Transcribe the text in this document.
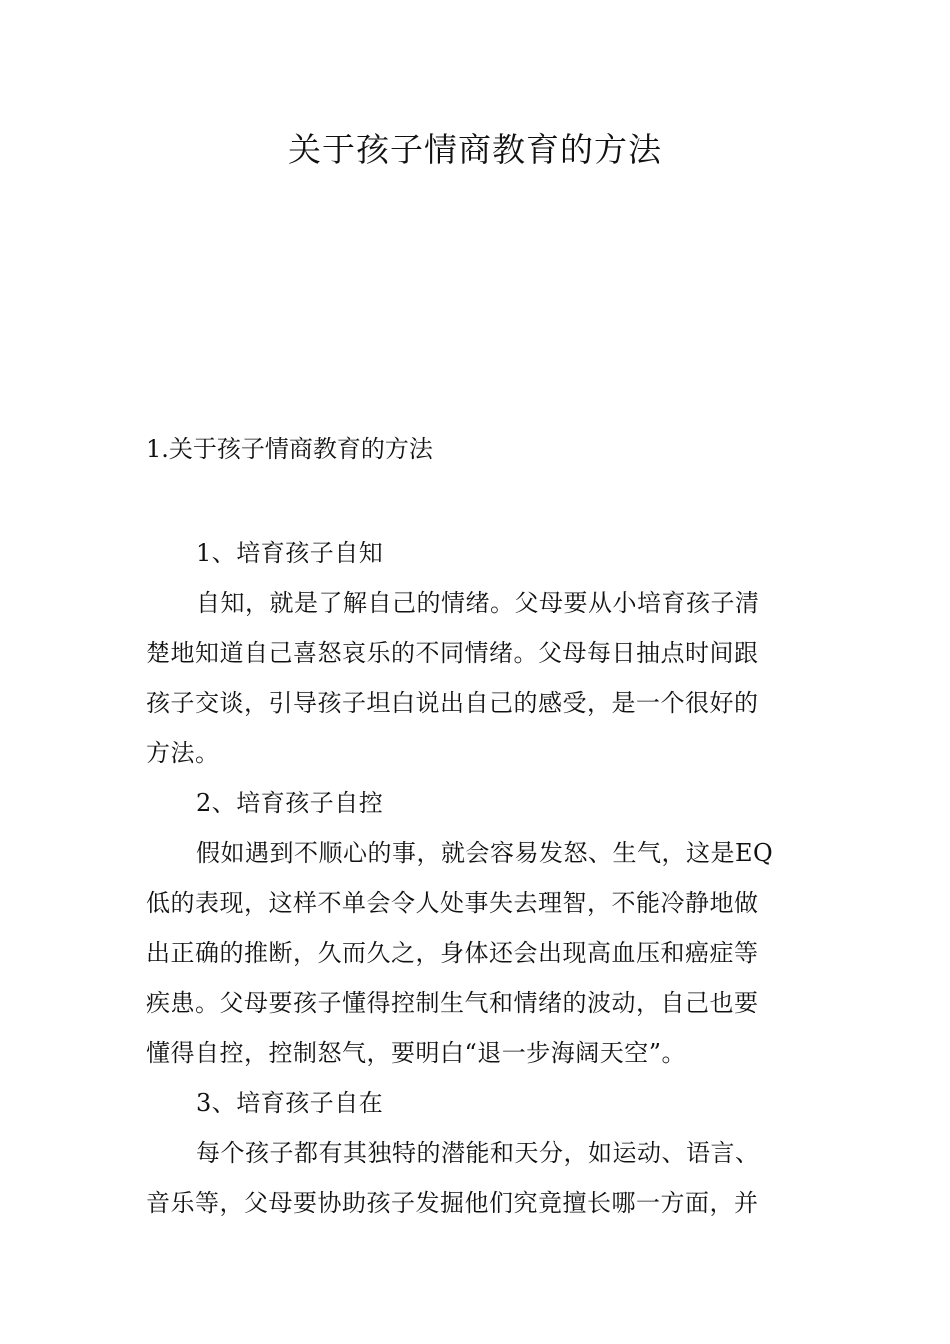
关于孩子情商教育的方法
1.关于孩子情商教育的方法
1、培育孩子自知
自知，就是了解自己的情绪。父母要从小培育孩子清
楚地知道自己喜怒哀乐的不同情绪。父母每日抽点时间跟
孩子交谈，引导孩子坦白说出自己的感受，是一个很好的
方法。
2、培育孩子自控
假如遇到不顺心的事，就会容易发怒、生气，这是EQ
低的表现，这样不单会令人处事失去理智，不能冷静地做
出正确的推断，久而久之，身体还会出现高血压和癌症等
疾患。父母要孩子懂得控制生气和情绪的波动，自己也要
懂得自控，控制怒气，要明白“退一步海阔天空”。
3、培育孩子自在
每个孩子都有其独特的潜能和天分，如运动、语言、
音乐等，父母要协助孩子发掘他们究竟擅长哪一方面，并
